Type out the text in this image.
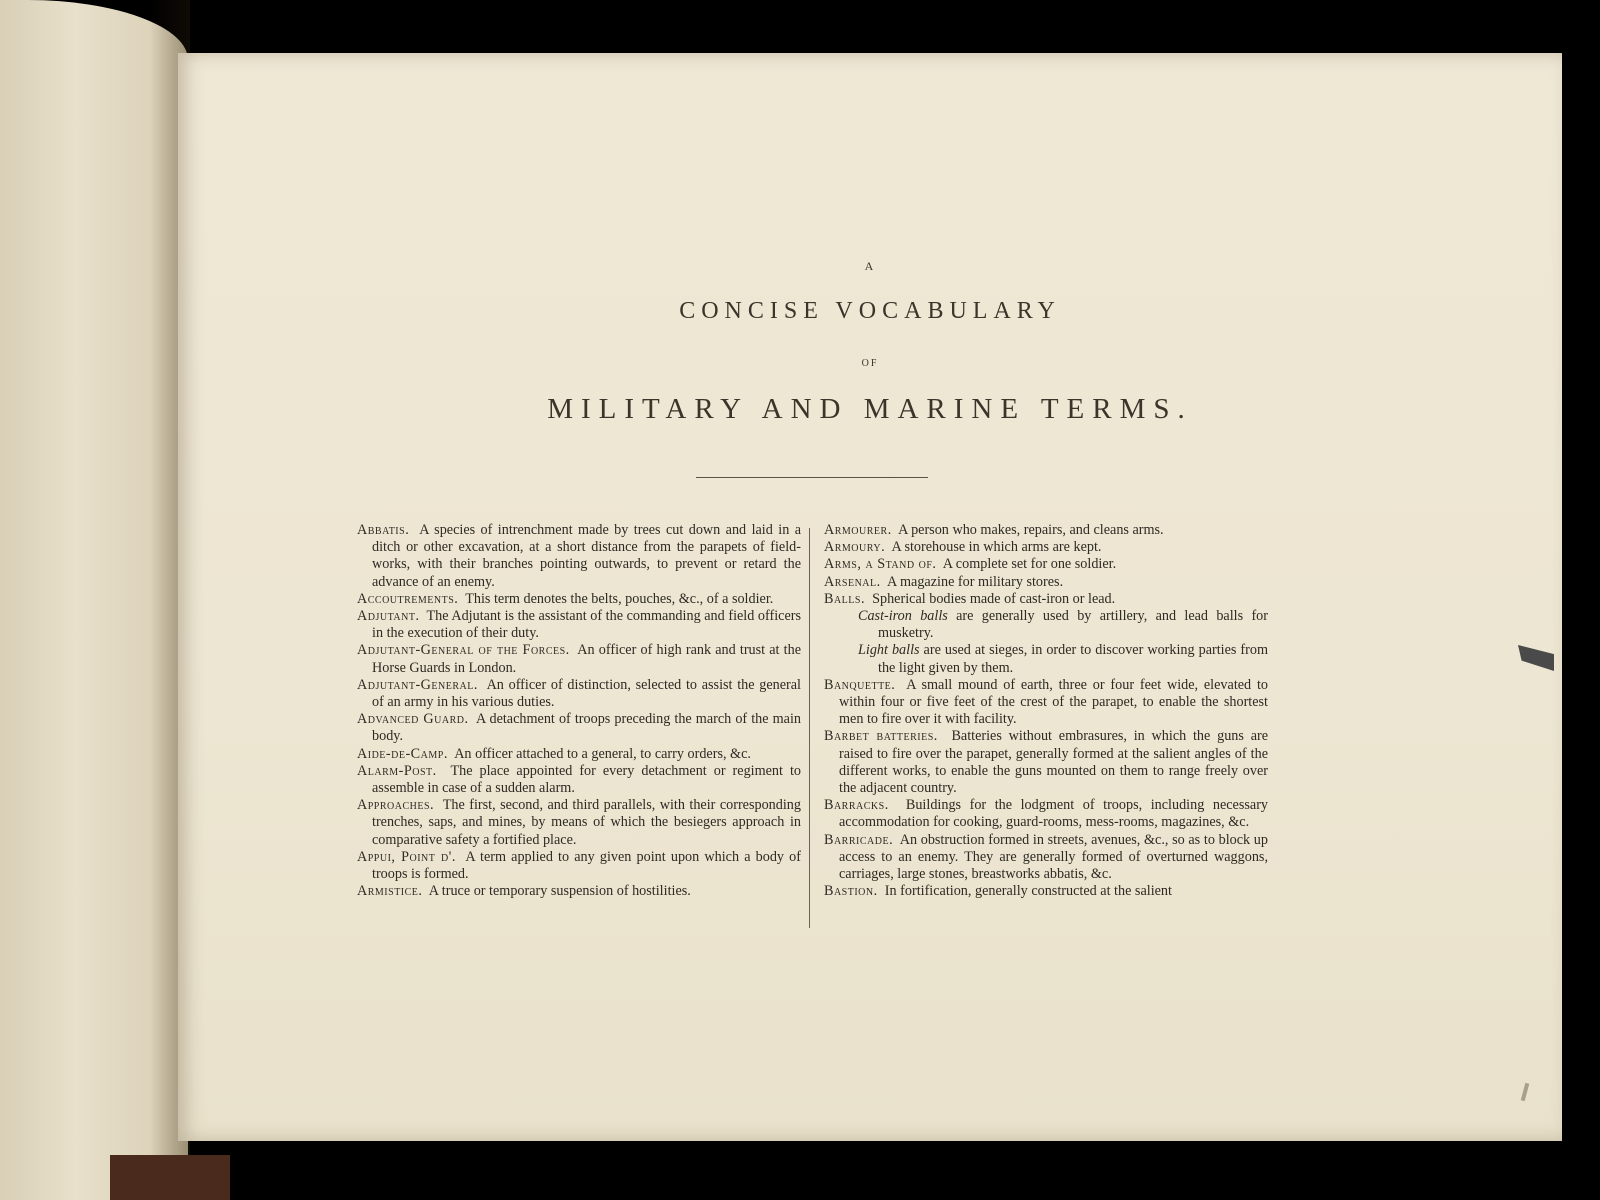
A
CONCISE VOCABULARY
OF
MILITARY AND MARINE TERMS.

Abbatis. A species of intrenchment made by trees cut down and laid in a ditch or other excavation, at a short distance from the parapets of field-works, with their branches pointing outwards, to prevent or retard the advance of an enemy.

Accoutrements. This term denotes the belts, pouches, &c., of a soldier.

Adjutant. The Adjutant is the assistant of the commanding and field officers in the execution of their duty.

Adjutant-General of the Forces. An officer of high rank and trust at the Horse Guards in London.

Adjutant-General. An officer of distinction, selected to assist the general of an army in his various duties.

Advanced Guard. A detachment of troops preceding the march of the main body.

Aide-de-Camp. An officer attached to a general, to carry orders, &c.

Alarm-Post. The place appointed for every detachment or regiment to assemble in case of a sudden alarm.

Approaches. The first, second, and third parallels, with their corresponding trenches, saps, and mines, by means of which the besiegers approach in comparative safety a fortified place.

Appui, Point d'. A term applied to any given point upon which a body of troops is formed.

Armistice. A truce or temporary suspension of hostilities.

Armourer. A person who makes, repairs, and cleans arms.

Armoury. A storehouse in which arms are kept.

Arms, a Stand of. A complete set for one soldier.

Arsenal. A magazine for military stores.

Balls. Spherical bodies made of cast-iron or lead.

Cast-iron balls are generally used by artillery, and lead balls for musketry.

Light balls are used at sieges, in order to discover working parties from the light given by them.

Banquette. A small mound of earth, three or four feet wide, elevated to within four or five feet of the crest of the parapet, to enable the shortest men to fire over it with facility.

Barbet batteries. Batteries without embrasures, in which the guns are raised to fire over the parapet, generally formed at the salient angles of the different works, to enable the guns mounted on them to range freely over the adjacent country.

Barracks. Buildings for the lodgment of troops, including necessary accommodation for cooking, guard-rooms, mess-rooms, magazines, &c.

Barricade. An obstruction formed in streets, avenues, &c., so as to block up access to an enemy. They are generally formed of overturned waggons, carriages, large stones, breastworks abbatis, &c.

Bastion. In fortification, generally constructed at the salient
